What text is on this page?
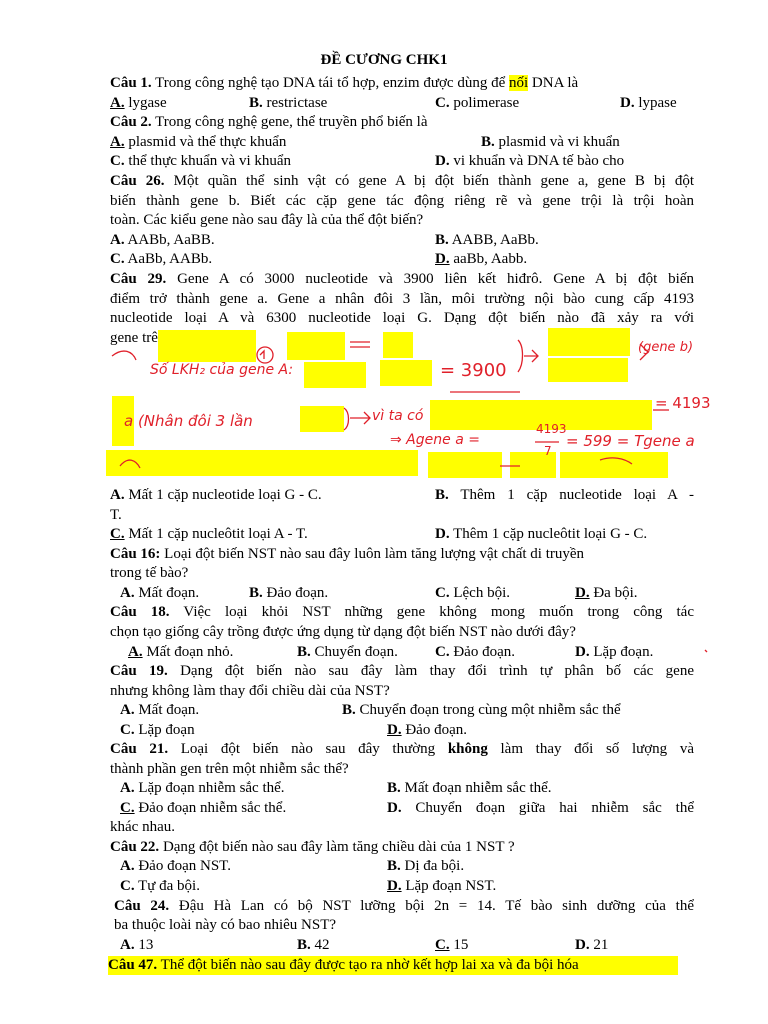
ĐỀ CƯƠNG CHK1
Câu 1. Trong công nghệ tạo DNA tái tổ hợp, enzim được dùng để nối DNA là
A. lygase	B. restrictase	C. polimerase	D. lypase
Câu 2. Trong công nghệ gene, thể truyền phổ biến là
A. plasmid và thể thực khuẩn	B. plasmid và vi khuẩn
C. thể thực khuẩn và vi khuẩn	D. vi khuẩn và DNA tế bào cho
Câu 26. Một quần thể sinh vật có gene A bị đột biến thành gene a, gene B bị đột
biến thành gene b. Biết các cặp gene tác động riêng rẽ và gene trội là trội hoàn
toàn. Các kiểu gene nào sau đây là của thể đột biến?
A. AABb, AaBB.	B. AABB, AaBb.
C. AaBb, AABb.	D. aaBb, Aabb.
Câu 29. Gene A có 3000 nucleotide và 3900 liên kết hiđrô. Gene A bị đột biến
điểm trở thành gene a. Gene a nhân đôi 3 lần, môi trường nội bào cung cấp 4193
nucleotide loại A và 6300 nucleotide loại G. Dạng đột biến nào đã xảy ra với
gene trê
Số LKH₂ của gene A:	= 3900
(gene b)
a (Nhân đôi 3 lần	vì ta có
= 4193
⇒ Agene a =
4193
7
= 599 = Tgene a
A. Mất 1 cặp nucleotide loại G - C.	B. Thêm 1 cặp nucleotide loại A -
T.
C. Mất 1 cặp nucleôtit loại A - T.	D. Thêm 1 cặp nucleôtit loại G - C.
Câu 16: Loại đột biến NST nào sau đây luôn làm tăng lượng vật chất di truyền
trong tế bào?
A. Mất đoạn.	B. Đảo đoạn.	C. Lệch bội.	D. Đa bội.
Câu 18. Việc loại khỏi NST những gene không mong muốn trong công tác
chọn tạo giống cây trồng được ứng dụng từ dạng đột biến NST nào dưới đây?
A. Mất đoạn nhỏ.	B. Chuyển đoạn. C. Đảo đoạn.	D. Lặp đoạn.
Câu 19. Dạng đột biến nào sau đây làm thay đổi trình tự phân bố các gene
nhưng không làm thay đổi chiều dài của NST?
A. Mất đoạn.	B. Chuyển đoạn trong cùng một nhiễm sắc thể
C. Lặp đoạn	D. Đảo đoạn.
Câu 21. Loại đột biến nào sau đây thường không làm thay đổi số lượng và
thành phần gen trên một nhiễm sắc thể?
A. Lặp đoạn nhiễm sắc thể.	B. Mất đoạn nhiễm sắc thể.
C. Đảo đoạn nhiễm sắc thể.	D. Chuyển đoạn giữa hai nhiễm sắc thể
khác nhau.
Câu 22. Dạng đột biến nào sau đây làm tăng chiều dài của 1 NST ?
A. Đảo đoạn NST.	B. Dị đa bội.
C. Tự đa bội.	D. Lặp đoạn NST.
Câu 24. Đậu Hà Lan có bộ NST lưỡng bội 2n = 14. Tế bào sinh dưỡng của thể
ba thuộc loài này có bao nhiêu NST?
A. 13	B. 42	C. 15	D. 21
Câu 47. Thể đột biến nào sau đây được tạo ra nhờ kết hợp lai xa và đa bội hóa
